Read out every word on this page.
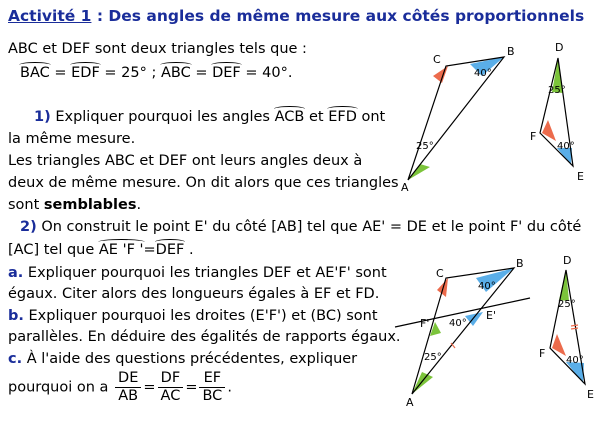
Activité 1 : Des angles de même mesure aux côtés proportionnels
ABC et DEF sont deux triangles tels que :
BAC = EDF = 25° ; ABC = DEF = 40°.
1) Expliquer pourquoi les angles ACB et EFD ont
la même mesure.
Les triangles ABC et DEF ont leurs angles deux à
deux de même mesure. On dit alors que ces triangles
sont semblables.
2) On construit le point E' du côté [AB] tel que AE' = DE et le point F' du côté
[AC] tel que AE 'F '=DEF .
a. Expliquer pourquoi les triangles DEF et AE'F' sont
égaux. Citer alors des longueurs égales à EF et FD.
b. Expliquer pourquoi les droites (E'F') et (BC) sont
parallèles. En déduire des égalités de rapports égaux.
c. À l'aide des questions précédentes, expliquer
pourquoi on a $\frac{DE}{AB} = \frac{DF}{AC} = \frac{EF}{BC}$ .
A
C
B
25°
40°
D
F
E
25°
40°
A
C
B
F'
E'
40°
40°
25°
D
F
E
25°
40°
